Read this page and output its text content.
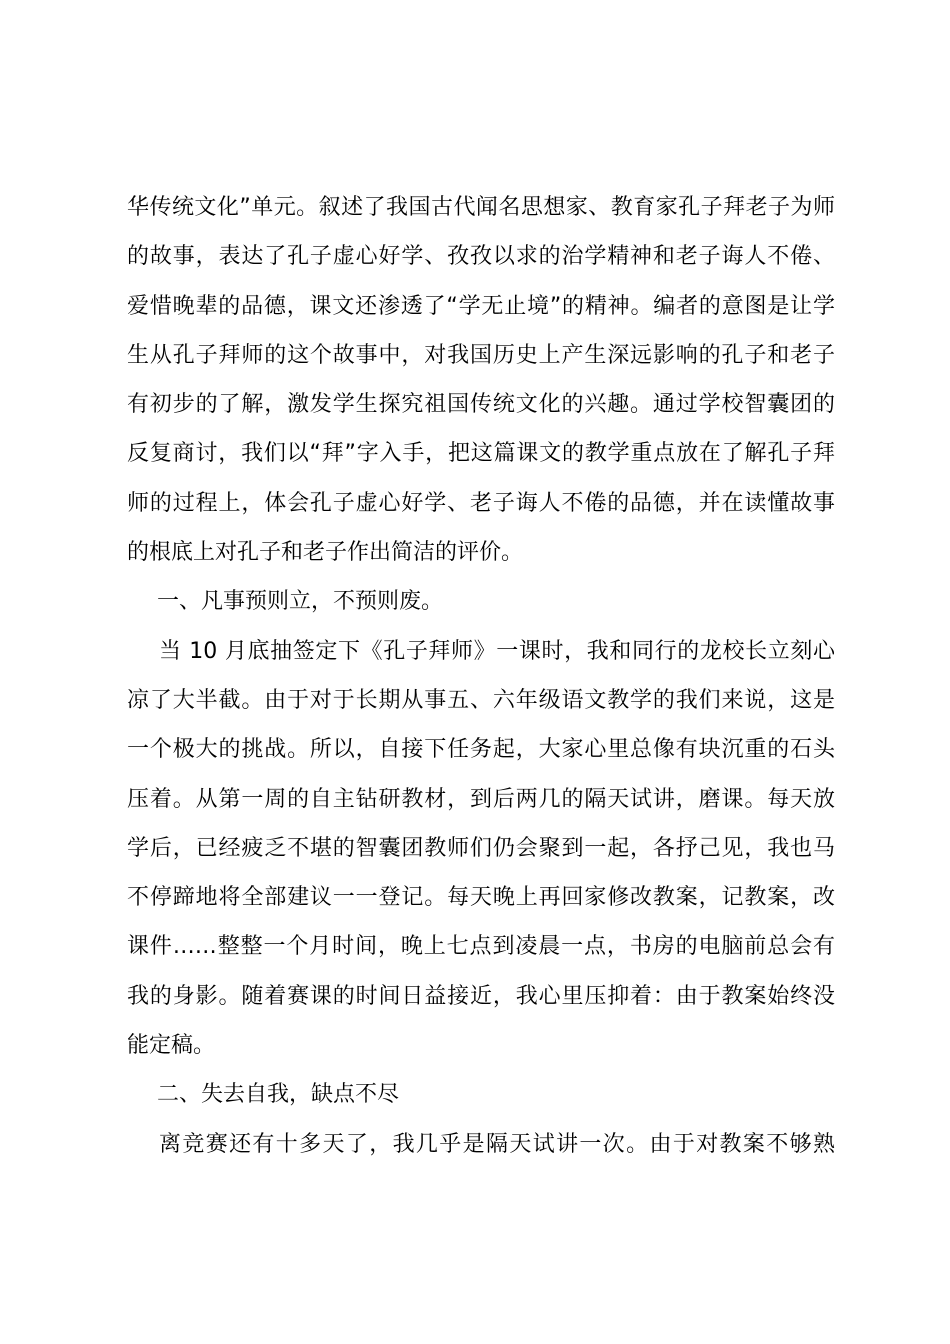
华传统文化”单元。叙述了我国古代闻名思想家、教育家孔子拜老子为师
的故事，表达了孔子虚心好学、孜孜以求的治学精神和老子诲人不倦、
爱惜晚辈的品德，课文还渗透了“学无止境”的精神。编者的意图是让学
生从孔子拜师的这个故事中，对我国历史上产生深远影响的孔子和老子
有初步的了解，激发学生探究祖国传统文化的兴趣。通过学校智囊团的
反复商讨，我们以“拜”字入手，把这篇课文的教学重点放在了解孔子拜
师的过程上，体会孔子虚心好学、老子诲人不倦的品德，并在读懂故事
的根底上对孔子和老子作出简洁的评价。
一、凡事预则立，不预则废。
当 10 月底抽签定下《孔子拜师》一课时，我和同行的龙校长立刻心
凉了大半截。由于对于长期从事五、六年级语文教学的我们来说，这是
一个极大的挑战。所以，自接下任务起，大家心里总像有块沉重的石头
压着。从第一周的自主钻研教材，到后两几的隔天试讲，磨课。每天放
学后，已经疲乏不堪的智囊团教师们仍会聚到一起，各抒己见，我也马
不停蹄地将全部建议一一登记。每天晚上再回家修改教案，记教案，改
课件……整整一个月时间，晚上七点到凌晨一点，书房的电脑前总会有
我的身影。随着赛课的时间日益接近，我心里压抑着：由于教案始终没
能定稿。
二、失去自我，缺点不尽
离竞赛还有十多天了，我几乎是隔天试讲一次。由于对教案不够熟
